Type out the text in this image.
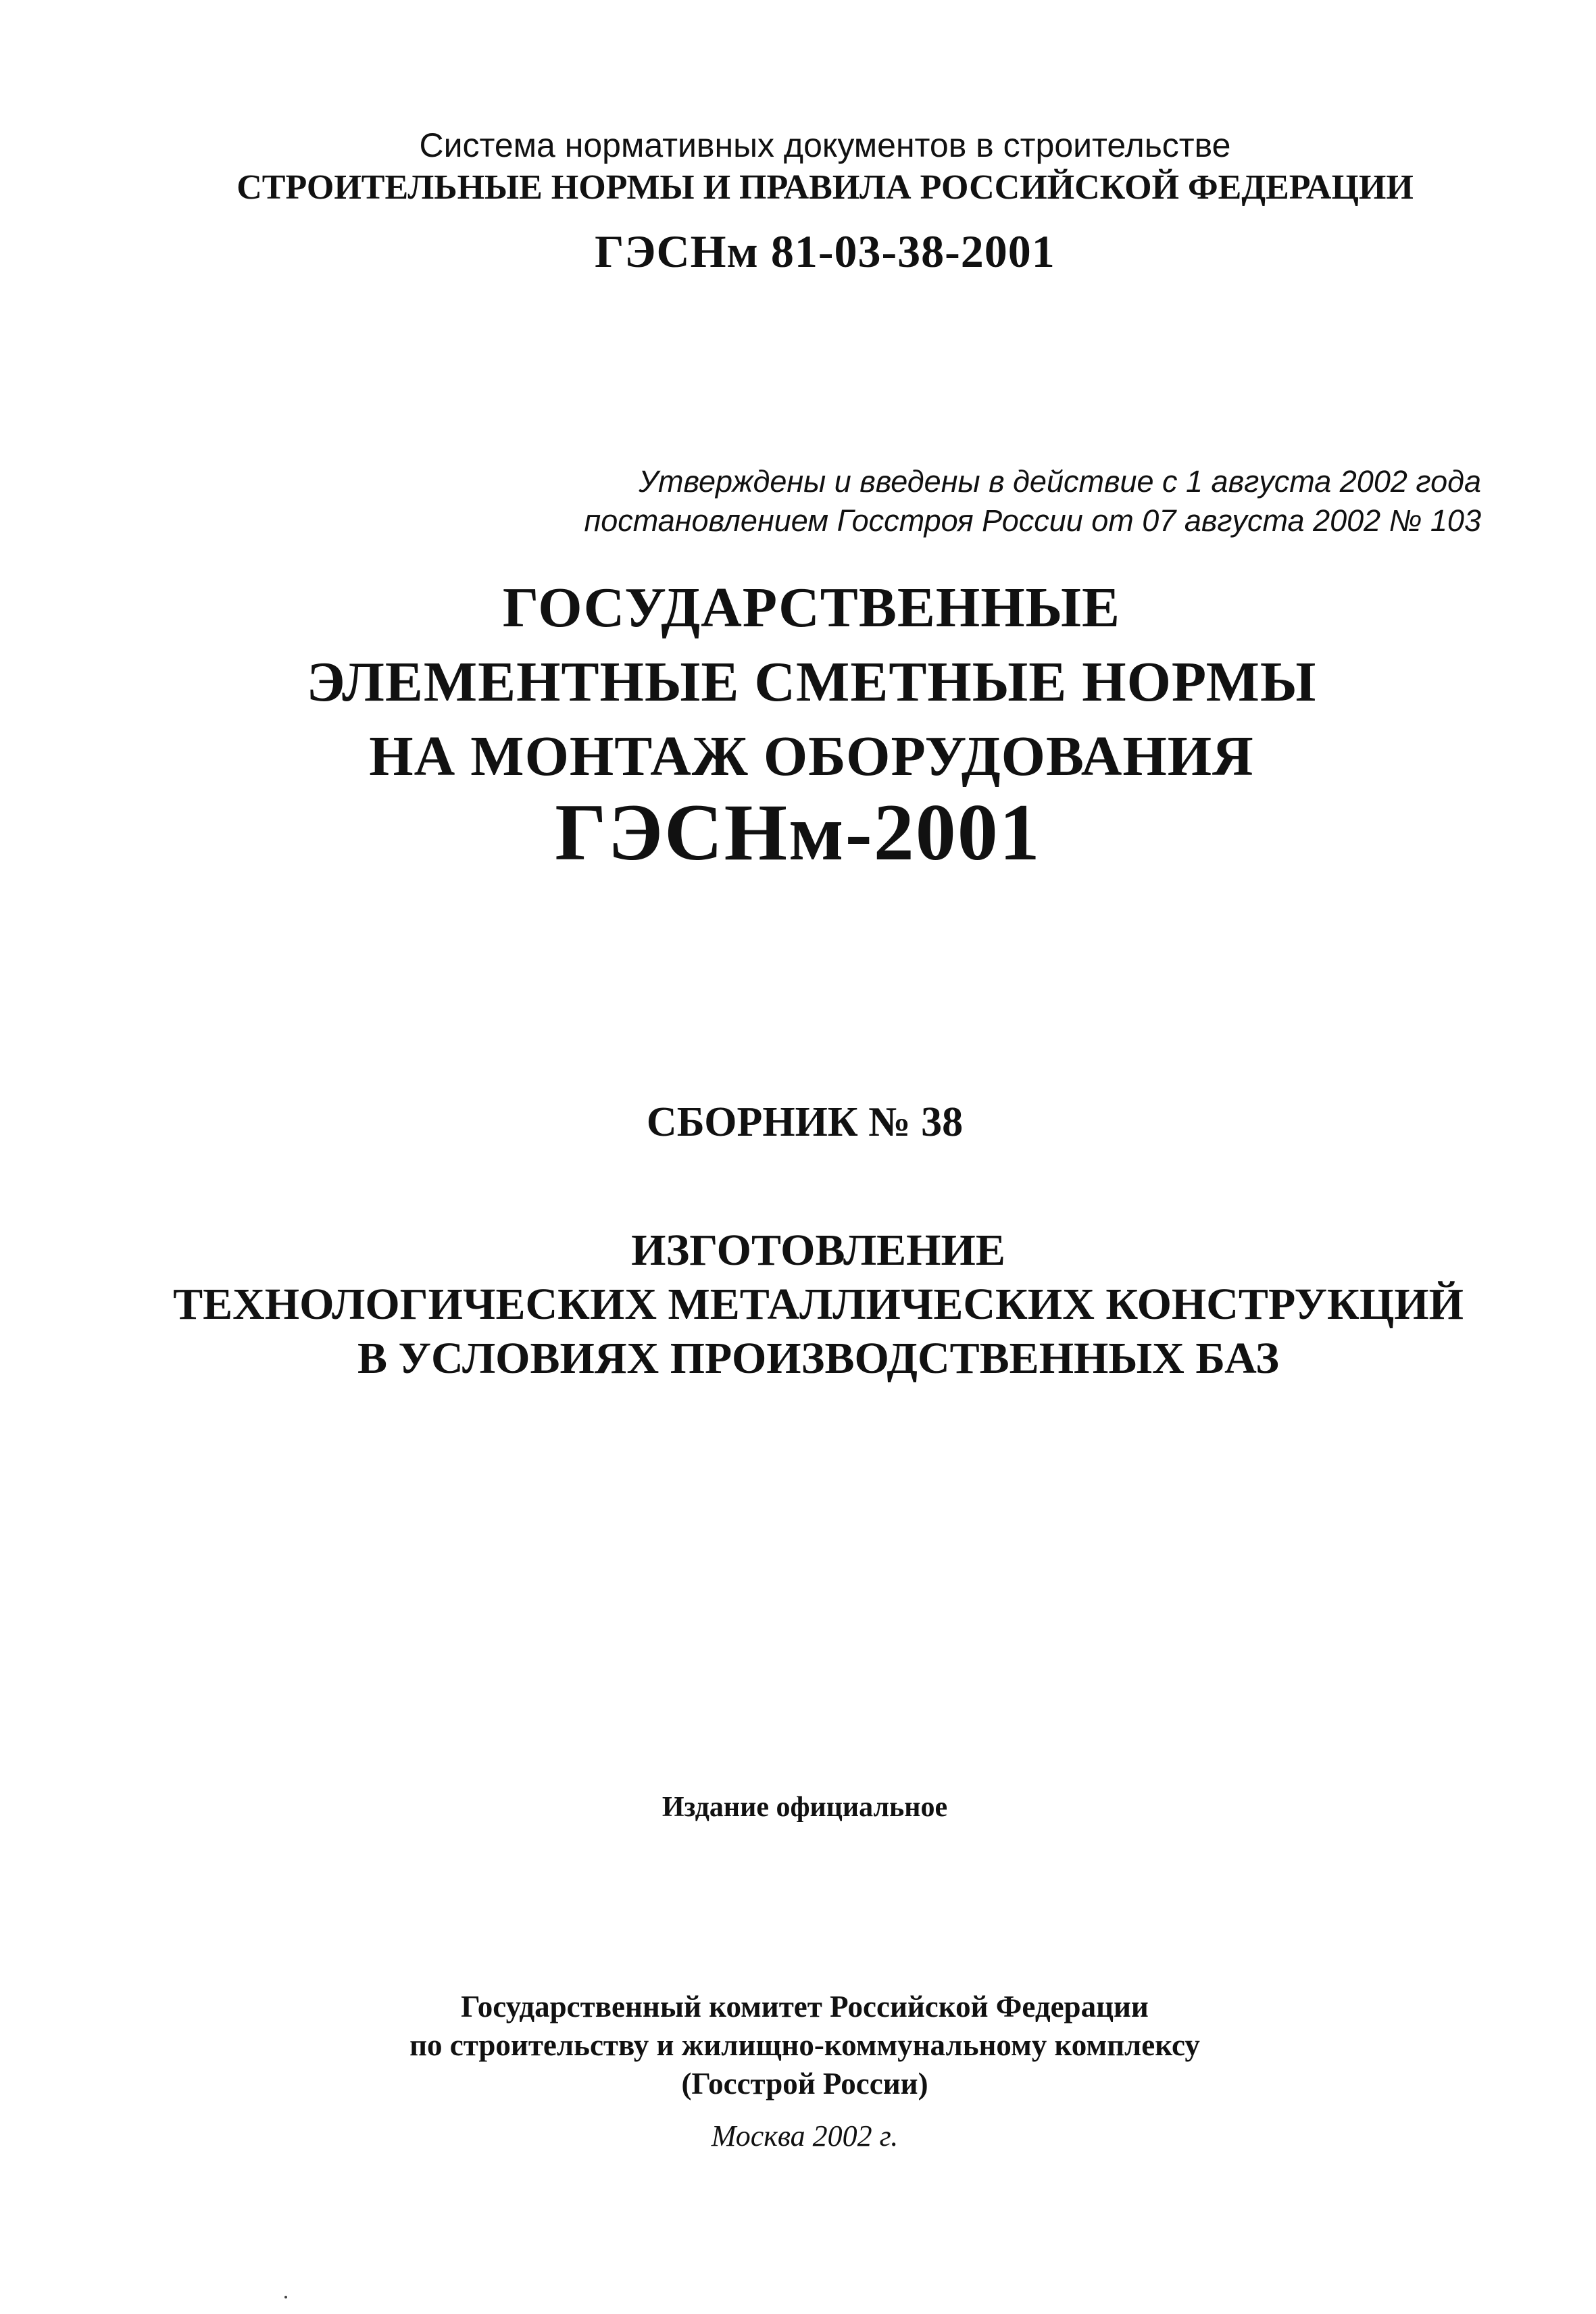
Система нормативных документов в строительстве
СТРОИТЕЛЬНЫЕ НОРМЫ И ПРАВИЛА РОССИЙСКОЙ ФЕДЕРАЦИИ
ГЭСНм 81-03-38-2001
Утверждены и введены в действие с 1 августа 2002 года
постановлением Госстроя России от 07 августа 2002 № 103
ГОСУДАРСТВЕННЫЕ
ЭЛЕМЕНТНЫЕ СМЕТНЫЕ НОРМЫ
НА МОНТАЖ ОБОРУДОВАНИЯ
ГЭСНм-2001
СБОРНИК № 38
ИЗГОТОВЛЕНИЕ
ТЕХНОЛОГИЧЕСКИХ МЕТАЛЛИЧЕСКИХ КОНСТРУКЦИЙ
В УСЛОВИЯХ ПРОИЗВОДСТВЕННЫХ БАЗ
Издание официальное
Государственный комитет Российской Федерации
по строительству и жилищно-коммунальному комплексу
(Госстрой России)
Москва 2002 г.
